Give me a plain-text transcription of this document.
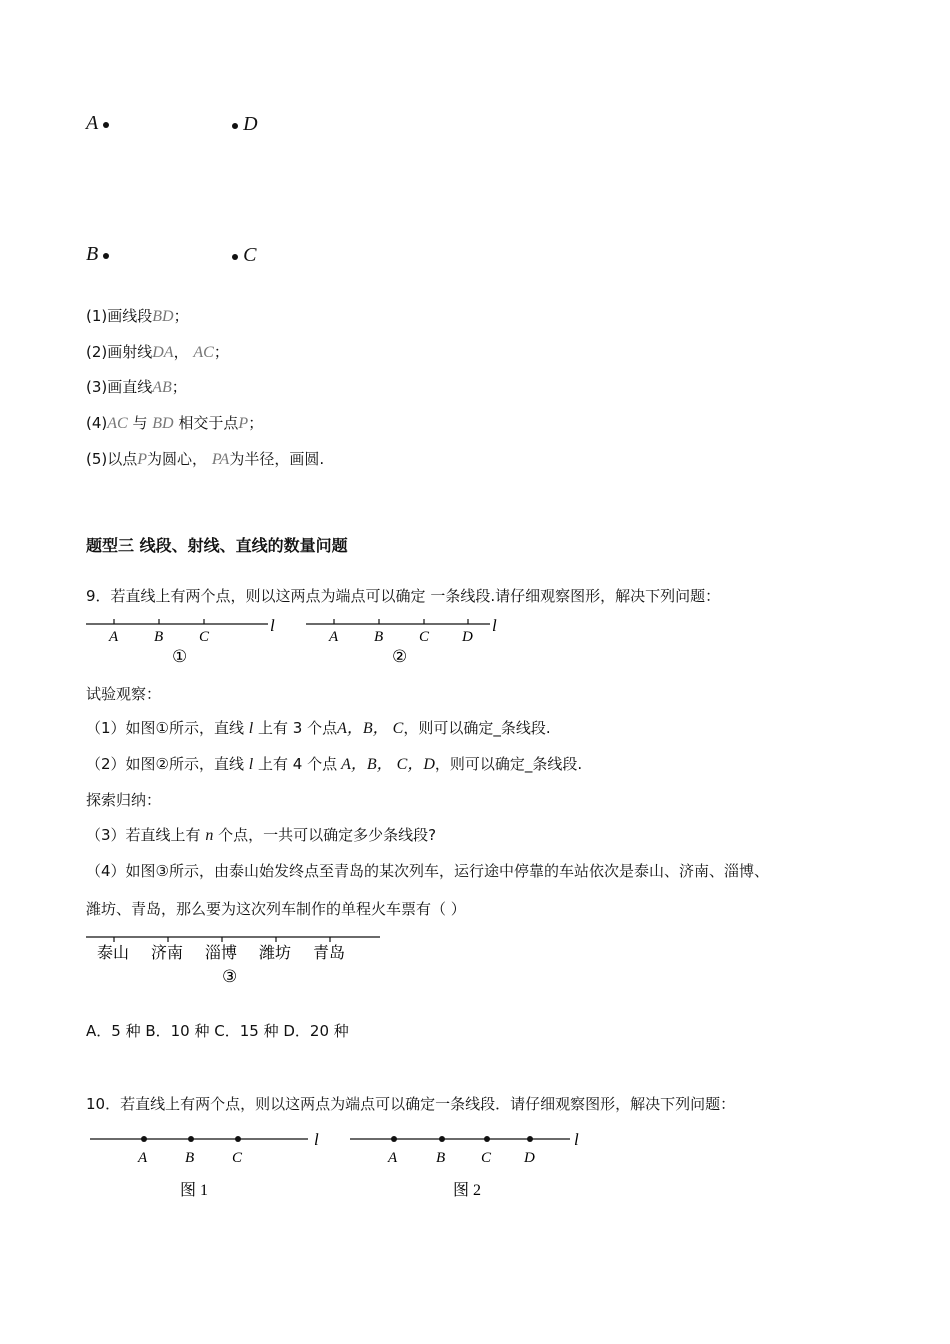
A	D
B	C
(1)画线段BD；
(2)画射线DA， AC；
(3)画直线AB；
(4)AC 与 BD 相交于点P；
(5)以点P为圆心， PA为半径，画圆.
题型三 线段、射线、直线的数量问题
9．若直线上有两个点，则以这两点为端点可以确定 一条线段.请仔细观察图形，解决下列问题：
A B C
l
①
A B C D
l
②
试验观察：
（1）如图①所示，直线 l 上有 3 个点A，B， C，则可以确定_条线段.
（2）如图②所示，直线 l 上有 4 个点 A，B， C，D，则可以确定_条线段.
探索归纳：
（3）若直线上有 n 个点，一共可以确定多少条线段?
（4）如图③所示，由泰山始发终点至青岛的某次列车，运行途中停靠的车站依次是泰山、济南、淄博、
潍坊、青岛，那么要为这次列车制作的单程火车票有（ ）
泰山 济南 淄博 潍坊 青岛
③
A．5 种 B．10 种 C．15 种 D．20 种
10．若直线上有两个点，则以这两点为端点可以确定一条线段．请仔细观察图形，解决下列问题：
A	B	C
l
图 1
A	B C D
l
图 2
